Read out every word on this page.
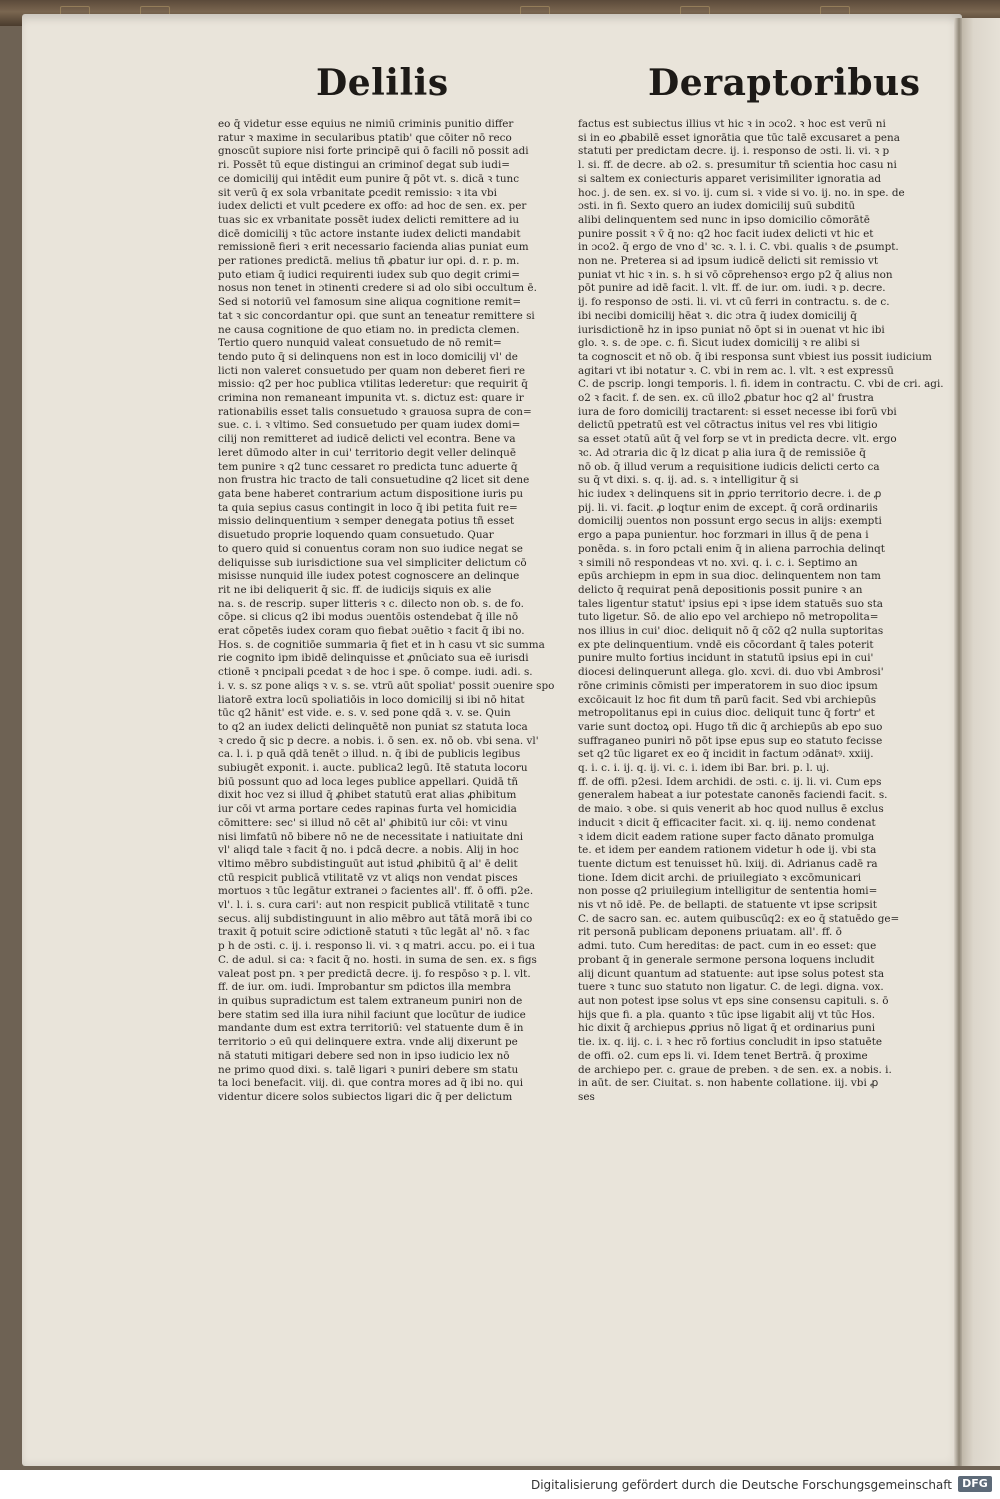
Delilis	Deraptoribus
eo q̄ videtur esse equius ne nimiū criminis punitio differ
ratur ꝛ maxime in secularibus ptatib' que cōiter nō reco
gnoscūt supiore nisi forte principē qui ō facili nō possit adi
ri. Possēt tū eque distingui an criminoſ degat sub iudi=
ce domicilij qui intēdit eum punire q̄ pōt vt. s. dicā ꝛ tunc
sit verū q̄ ex sola vrbanitate ꝑcedit remissio: ꝛ ita vbi
iudex delicti et vult ꝑcedere ex offo: ad hoc de sen. ex. per
tuas sic ex vrbanitate possēt iudex delicti remittere ad iu
dicē domicilij ꝛ tūc actore instante iudex delicti mandabit
remissionē fieri ꝛ erit necessario facienda alias puniat eum
per rationes predictā. melius tñ ꝓbatur iur opi. d. r. p. m.
puto etiam q̄ iudici requirenti iudex sub quo degit crimi=
nosus non tenet in ɔtinenti credere si ad olo sibi occultum ē.
Sed si notoriū vel famosum sine aliqua cognitione remit=
tat ꝛ sic concordantur opi. que sunt an teneatur remittere si
ne causa cognitione de quo etiam no. in predicta clemen.
Tertio quero nunquid valeat consuetudo de nō remit=
tendo puto q̄ si delinquens non est in loco domicilij vl' de
licti non valeret consuetudo per quam non deberet fieri re
missio: q2 per hoc publica vtilitas lederetur: que requirit q̄
crimina non remaneant impunita vt. s. dictuz est: quare ir
rationabilis esset talis consuetudo ꝛ grauosa supra de con=
sue. c. i. ꝛ vltimo. Sed consuetudo per quam iudex domi=
cilij non remitteret ad iudicē delicti vel econtra. Bene va
leret dūmodo alter in cui' territorio degit veller delinquē
tem punire ꝛ q2 tunc cessaret ro predicta tunc aduerte q̄
non frustra hic tracto de tali consuetudine q2 licet sit dene
gata bene haberet contrarium actum dispositione iuris pu
ta quia sepius casus contingit in loco q̄ ibi petita fuit re=
missio delinquentium ꝛ semper denegata potius tñ esset
disuetudo proprie loquendo quam consuetudo. Quar
to quero quid si conuentus coram non suo iudice negat se
deliquisse sub iurisdictione sua vel simpliciter delictum cō
misisse nunquid ille iudex potest cognoscere an delinque
rit ne ibi deliquerit q̄ sic. ff. de iudicijs siquis ex alie
na. s. de rescrip. super litteris ꝛ c. dilecto non ob. s. de fo.
cōpe. si clicus q2 ibi modus ɔuentōis ostendebat q̄ ille nō
erat cōpetēs iudex coram quo fiebat ɔuētio ꝛ facit q̄ ibi no.
Hos. s. de cognitiōe summaria q̄ fiet et in h casu vt sic summa
rie cognito ipm ibidē delinquisse et ꝓnūciato sua eē iurisdi
ctionē ꝛ pncipali ꝑcedat ꝛ de hoc i spe. ō compe. iudi. adi. s.
i. v. s. sz pone aliqs ꝛ v. s. se. vtrū aūt spoliat' possit ɔuenire spo
liatorē extra locū spoliatiōis in loco domicilij si ibi nō hitat
tūc q2 hānit' est vide. e. s. v. sed pone qdā ꝛ. v. se. Quin
to q2 an iudex delicti delinquētē non puniat sz statuta loca
ꝛ credo q̄ sic p decre. a nobis. i. ō sen. ex. nō ob. vbi sena. vl'
ca. l. i. p quā qdā tenēt ɔ illud. n. q̄ ibi de publicis legibus
subiugēt exponit. i. aucte. publica2 legū. Itē statuta locoru
biū possunt quo ad loca leges publice appellari. Quidā tñ
dixit hoc vez si illud q̄ ꝓhibet statutū erat alias ꝓhibitum
iur cōi vt arma portare cedes rapinas furta vel homicidia
cōmittere: sec' si illud nō cēt al' ꝓhibitū iur cōi: vt vinu
nisi limfatū nō bibere nō ne de necessitate i natiuitate dni
vl' aliqd tale ꝛ facit q̄ no. i pdcā decre. a nobis. Alij in hoc
vltimo mēbro subdistinguūt aut istud ꝓhibitū q̄ al' ē delit
ctū respicit publicā vtilitatē vz vt aliqs non vendat pisces
mortuos ꝛ tūc legātur extranei ɔ facientes all'. ff. ō offi. p2e.
vl'. l. i. s. cura cari': aut non respicit publicā vtilitatē ꝛ tunc
secus. alij subdistinguunt in alio mēbro aut tātā morā ibi co
traxit q̄ potuit scire ɔdictionē statuti ꝛ tūc legāt al' nō. ꝛ fac
p h de ɔsti. c. ij. i. responso li. vi. ꝛ q matri. accu. po. ei i tua
C. de adul. si ca: ꝛ facit q̄ no. hosti. in suma de sen. ex. s figs
valeat post pn. ꝛ per predictā decre. ij. fo respōso ꝛ p. l. vlt.
ff. de iur. om. iudi. Improbantur sm pdictos illa membra
in quibus supradictum est talem extraneum puniri non de
bere statim sed illa iura nihil faciunt que locūtur de iudice
mandante dum est extra territoriū: vel statuente dum ē in
territorio ɔ eū qui delinquere extra. vnde alij dixerunt pe
nā statuti mitigari debere sed non in ipso iudicio lex nō
ne primo quod dixi. s. talē ligari ꝛ puniri debere sm statu
ta loci benefacit. viij. di. que contra mores ad q̄ ibi no. qui
videntur dicere solos subiectos ligari dic q̄ per delictum
factus est subiectus illius vt hic ꝛ in ɔco2. ꝛ hoc est verū ni
si in eo ꝓbabilē esset ignorātia que tūc talē excusaret a pena
statuti per predictam decre. ij. i. responso de ɔsti. li. vi. ꝛ p
l. si. ff. de decre. ab o2. s. presumitur tñ scientia hoc casu ni
si saltem ex coniecturis apparet verisimiliter ignoratia ad
hoc. j. de sen. ex. si vo. ij. cum si. ꝛ vide si vo. ij. no. in spe. de
ɔsti. in fi. Sexto quero an iudex domicilij suū subditū
alibi delinquentem sed nunc in ipso domicilio cōmorātē
punire possit ꝛ v̄ q̄ no: q2 hoc facit iudex delicti vt hic et
in ɔco2. q̄ ergo de vno d' ꝛc. ꝛ. l. i. C. vbi. qualis ꝛ de ꝓsumpt.
non ne. Preterea si ad ipsum iudicē delicti sit remissio vt
puniat vt hic ꝛ in. s. h si vō cōprehensoꝛ ergo p2 q̄ alius non
pōt punire ad idē facit. l. vlt. ff. de iur. om. iudi. ꝛ p. decre.
ij. fo responso de ɔsti. li. vi. vt cū ferri in contractu. s. de c.
ibi necibi domicilij hēat ꝛ. dic ɔtra q̄ iudex domicilij q̄
iurisdictionē hz in ipso puniat nō ōpt si in ɔuenat vt hic ibi
glo. ꝛ. s. de ɔpe. c. fi. Sicut iudex domicilij ꝛ re alibi si
ta cognoscit et nō ob. q̄ ibi responsa sunt vbiest ius possit iudicium
agitari vt ibi notatur ꝛ. C. vbi in rem ac. l. vlt. ꝛ est expressū
C. de pscrip. longi temporis. l. fi. idem in contractu. C. vbi de cri. agi.
o2 ꝛ facit. f. de sen. ex. cū illo2 ꝓbatur hoc q2 al' frustra
iura de foro domicilij tractarent: si esset necesse ibi forū vbi
delictū ppetratū est vel cōtractus initus vel res vbi litigio
sa esset ɔtatū aūt q̄ vel forp se vt in predicta decre. vlt. ergo
ꝛc. Ad ɔtraria dic q̄ lz dicat p alia iura q̄ de remissiōe q̄
nō ob. q̄ illud verum a requisitione iudicis delicti certo ca
su q̄ vt dixi. s. q. ij. ad. s. ꝛ intelligitur q̄ si
hic iudex ꝛ delinquens sit in ꝓprio territorio decre. i. de ꝓ
pij. li. vi. facit. ꝓ loqtur enim de except. q̄ corā ordinariis
domicilij ɔuentos non possunt ergo secus in alijs: exempti
ergo a papa punientur. hoc forzmari in illus q̄ de pena i
ponēda. s. in foro pctali enim q̄ in aliena parrochia delinqt
ꝛ simili nō respondeas vt no. xvi. q. i. c. i. Septimo an
epūs archiepm in epm in sua dioc. delinquentem non tam
delicto q̄ requirat penā depositionis possit punire ꝛ an
tales ligentur statut' ipsius epi ꝛ ipse idem statuēs suo sta
tuto ligetur. Sō. de alio epo vel archiepo nō metropolita=
nos illius in cui' dioc. deliquit nō q̄ cō2 q2 nulla suptoritas
ex pte delinquentium. vndē eis cōcordant q̄ tales poterit
punire multo fortius incidunt in statutū ipsius epi in cui'
diocesi delinquerunt allega. glo. xcvi. di. duo vbi Ambrosi'
rōne criminis cōmisti per imperatorem in suo dioc ipsum
excōicauit lz hoc fit dum tñ parū facit. Sed vbi archiepūs
metropolitanus epi in cuius dioc. deliquit tunc q̄ fortr' et
varie sunt doctoꝝ opi. Hugo tñ dic q̄ archiepūs ab epo suo
suffraganeo puniri nō pōt ipse epus sup eo statuto fecisse
set q2 tūc ligaret ex eo q̄ incidit in factum ɔdānatꝰ. xxiij.
q. i. c. i. ij. q. ij. vi. c. i. idem ibi Bar. bri. p. l. uj.
ff. de offi. p2esi. Idem archidi. de ɔsti. c. ij. li. vi. Cum eps
generalem habeat a iur potestate canonēs faciendi facit. s.
de maio. ꝛ obe. si quis venerit ab hoc quod nullus ē exclus
inducit ꝛ dicit q̄ efficaciter facit. xi. q. iij. nemo condenat
ꝛ idem dicit eadem ratione super facto dānato promulga
te. et idem per eandem rationem videtur h ode ij. vbi sta
tuente dictum est tenuisset hū. lxiij. di. Adrianus cadē ra
tione. Idem dicit archi. de priuilegiato ꝛ excōmunicari
non posse q2 priuilegium intelligitur de sententia homi=
nis vt nō idē. Pe. de bellapti. de statuente vt ipse scripsit
C. de sacro san. ec. autem quibuscūq2: ex eo q̄ statuēdo ge=
rit personā publicam deponens priuatam. all'. ff. ō
admi. tuto. Cum hereditas: de pact. cum in eo esset: que
probant q̄ in generale sermone persona loquens includit
alij dicunt quantum ad statuente: aut ipse solus potest sta
tuere ꝛ tunc suo statuto non ligatur. C. de legi. digna. vox.
aut non potest ipse solus vt eps sine consensu capituli. s. ō
hijs que fi. a pla. quanto ꝛ tūc ipse ligabit alij vt tūc Hos.
hic dixit q̄ archiepus ꝓprius nō ligat q̄ et ordinarius puni
tie. ix. q. iij. c. i. ꝛ hec rō fortius concludit in ipso statuēte
de offi. o2. cum eps li. vi. Idem tenet Bertrā. q̄ proxime
de archiepo per. c. graue de preben. ꝛ de sen. ex. a nobis. i.
in aūt. de ser. Ciuitat. s. non habente collatione. iij. vbi ꝓ
ses
Digitalisierung gefördert durch die Deutsche Forschungsgemeinschaft DFG
